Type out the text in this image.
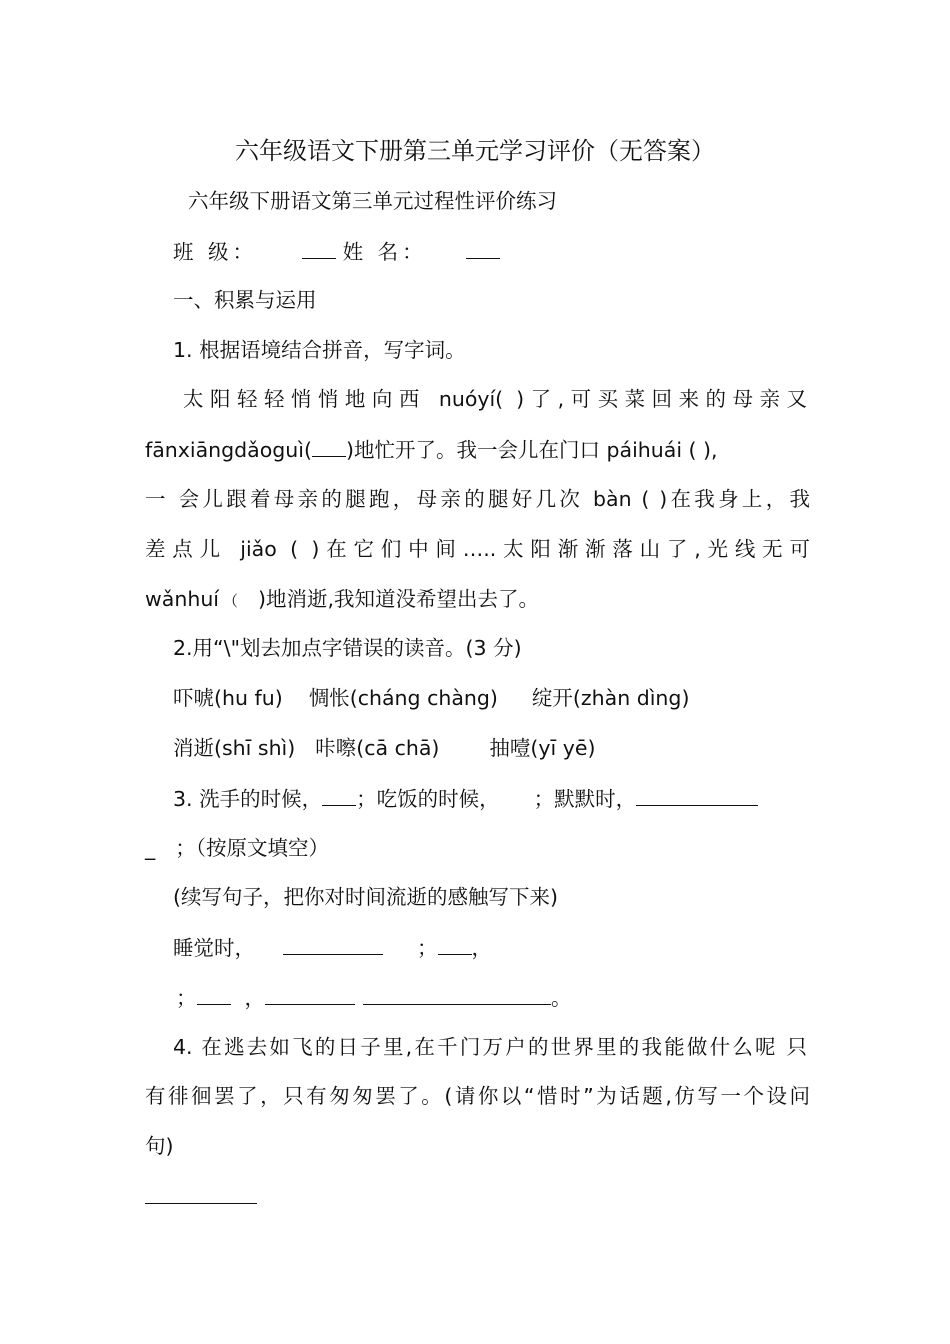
六年级语文下册第三单元学习评价（无答案）
六年级下册语文第三单元过程性评价练习
班 级：	姓 名：
一、积累与运用
1. 根据语境结合拼音，写字词。
太阳轻轻悄悄地向西 nuóyí( )了,可买菜回来的母亲又
fānxiāngdǎoguì( )地忙开了。我一会儿在门口 páihuái ( ),
一 会儿跟着母亲的腿跑，母亲的腿好几次 bàn ( )在我身上，我
差点儿 jiǎo ( )在它们中间…..太阳渐渐落山了,光线无可
wǎnhuí （ )地消逝,我知道没希望出去了。
2.用“\"划去加点字错误的读音。(3 分)
吓唬(hu fu) 惆怅(cháng chàng) 绽开(zhàn dìng)
消逝(shī shì) 咔嚓(cā chā) 抽噎(yī yē)
3. 洗手的时候， ；吃饭的时候， ；默默时，
_ ；（按原文填空）
(续写句子，把你对时间流逝的感触写下来)
睡觉时，	； ，
； ，	。
4. 在逃去如飞的日子里,在千门万户的世界里的我能做什么呢 只
有徘徊罢了，只有匆匆罢了。(请你以“惜时”为话题,仿写一个设问
句)
